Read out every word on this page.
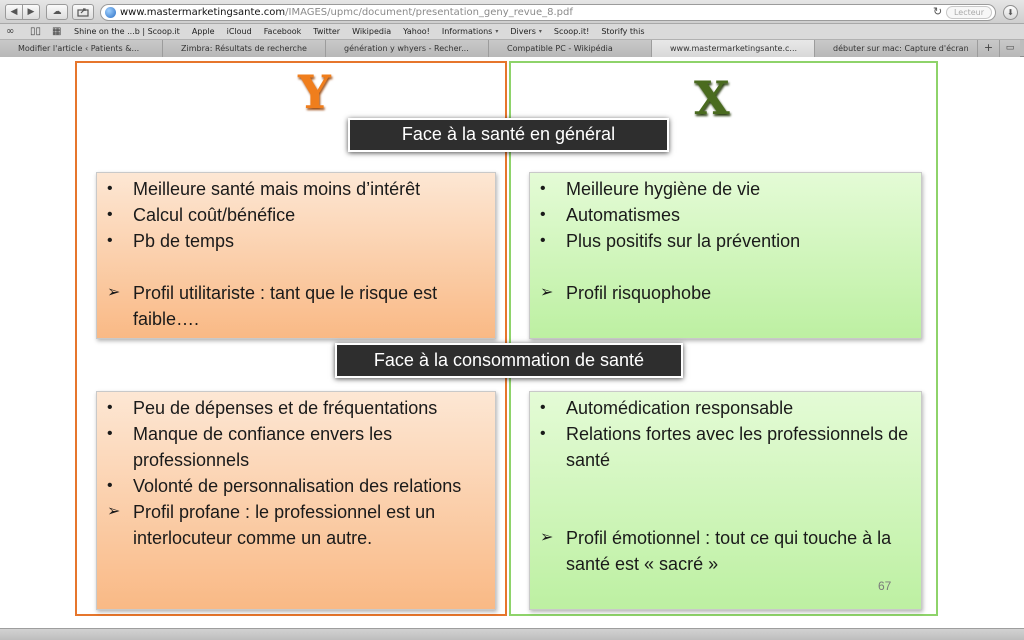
◀ ▶ ☁	www.mastermarketingsante.com/IMAGES/upmc/document/presentation_geny_revue_8.pdf	↻	Lecteur	⬇
∞ ▯▯ ▦ Shine on the ...b | Scoop.it Apple iCloud Facebook Twitter Wikipedia Yahoo! Informations ▾ Divers ▾ Scoop.it! Storify this
Modifier l'article ‹ Patients &...	Zimbra: Résultats de recherche	génération y whyers - Recher...	Compatible PC - Wikipédia	www.mastermarketingsante.c...	débuter sur mac: Capture d'écran	+	▭
Y	X
Face à la santé en général
• Meilleure santé mais moins d’intérêt
• Calcul coût/bénéfice
• Pb de temps
➢ Profil utilitariste : tant que le risque est faible….
• Meilleure hygiène de vie
• Automatismes
• Plus positifs sur la prévention
➢ Profil risquophobe
Face à la consommation de santé
• Peu de dépenses et de fréquentations
• Manque de confiance envers les professionnels
• Volonté de personnalisation des relations
➢ Profil profane : le professionnel est un interlocuteur comme un autre.
• Automédication responsable
• Relations fortes avec les professionnels de santé
➢ Profil émotionnel : tout ce qui touche à la santé est « sacré »
67
